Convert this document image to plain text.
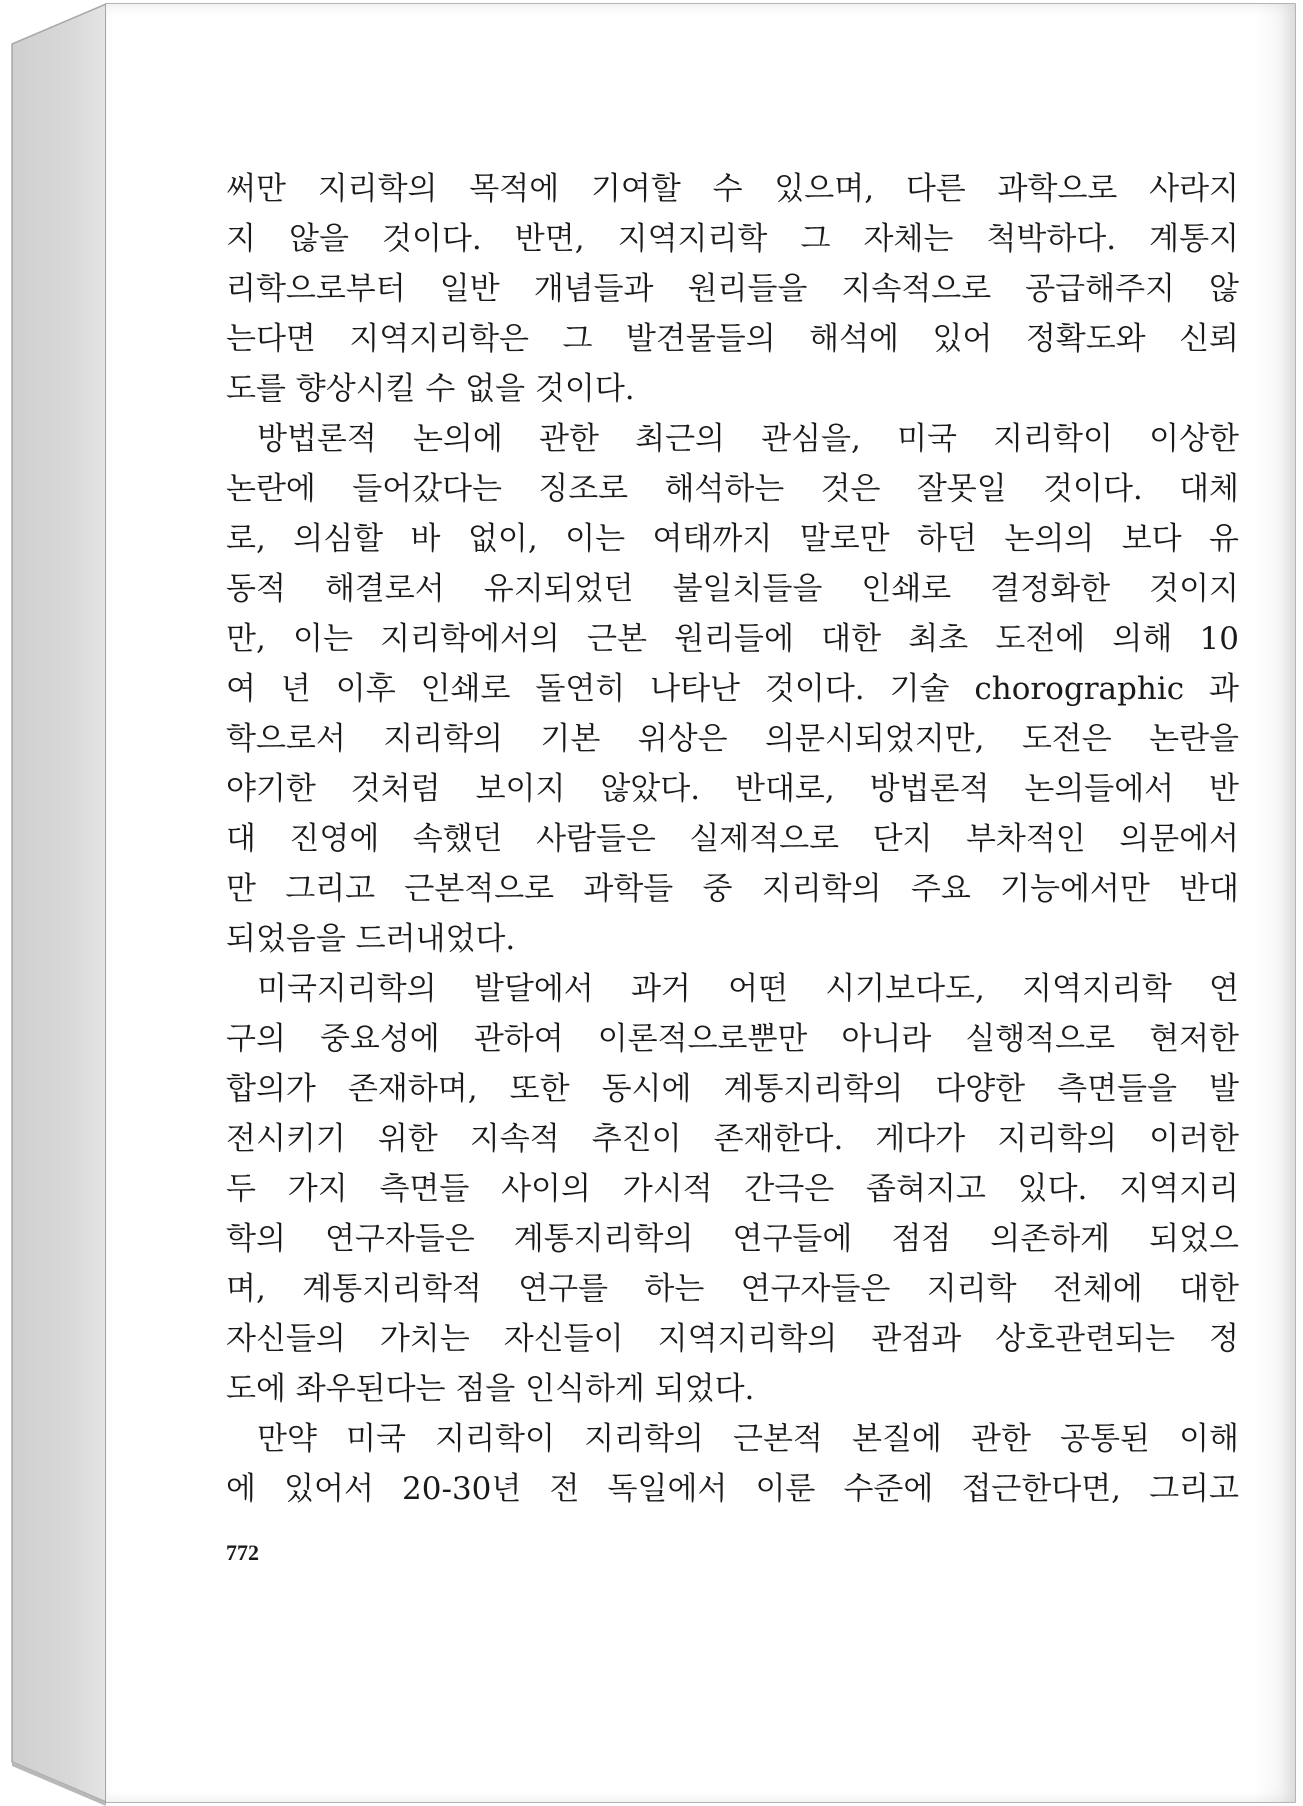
써만 지리학의 목적에 기여할 수 있으며, 다른 과학으로 사라지
지 않을 것이다. 반면, 지역지리학 그 자체는 척박하다. 계통지
리학으로부터 일반 개념들과 원리들을 지속적으로 공급해주지 않
는다면 지역지리학은 그 발견물들의 해석에 있어 정확도와 신뢰
도를 향상시킬 수 없을 것이다.
방법론적 논의에 관한 최근의 관심을, 미국 지리학이 이상한
논란에 들어갔다는 징조로 해석하는 것은 잘못일 것이다. 대체
로, 의심할 바 없이, 이는 여태까지 말로만 하던 논의의 보다 유
동적 해결로서 유지되었던 불일치들을 인쇄로 결정화한 것이지
만, 이는 지리학에서의 근본 원리들에 대한 최초 도전에 의해 10
여 년 이후 인쇄로 돌연히 나타난 것이다. 기술 chorographic 과
학으로서 지리학의 기본 위상은 의문시되었지만, 도전은 논란을
야기한 것처럼 보이지 않았다. 반대로, 방법론적 논의들에서 반
대 진영에 속했던 사람들은 실제적으로 단지 부차적인 의문에서
만 그리고 근본적으로 과학들 중 지리학의 주요 기능에서만 반대
되었음을 드러내었다.
미국지리학의 발달에서 과거 어떤 시기보다도, 지역지리학 연
구의 중요성에 관하여 이론적으로뿐만 아니라 실행적으로 현저한
합의가 존재하며, 또한 동시에 계통지리학의 다양한 측면들을 발
전시키기 위한 지속적 추진이 존재한다. 게다가 지리학의 이러한
두 가지 측면들 사이의 가시적 간극은 좁혀지고 있다. 지역지리
학의 연구자들은 계통지리학의 연구들에 점점 의존하게 되었으
며, 계통지리학적 연구를 하는 연구자들은 지리학 전체에 대한
자신들의 가치는 자신들이 지역지리학의 관점과 상호관련되는 정
도에 좌우된다는 점을 인식하게 되었다.
만약 미국 지리학이 지리학의 근본적 본질에 관한 공통된 이해
에 있어서 20-30년 전 독일에서 이룬 수준에 접근한다면, 그리고
772
